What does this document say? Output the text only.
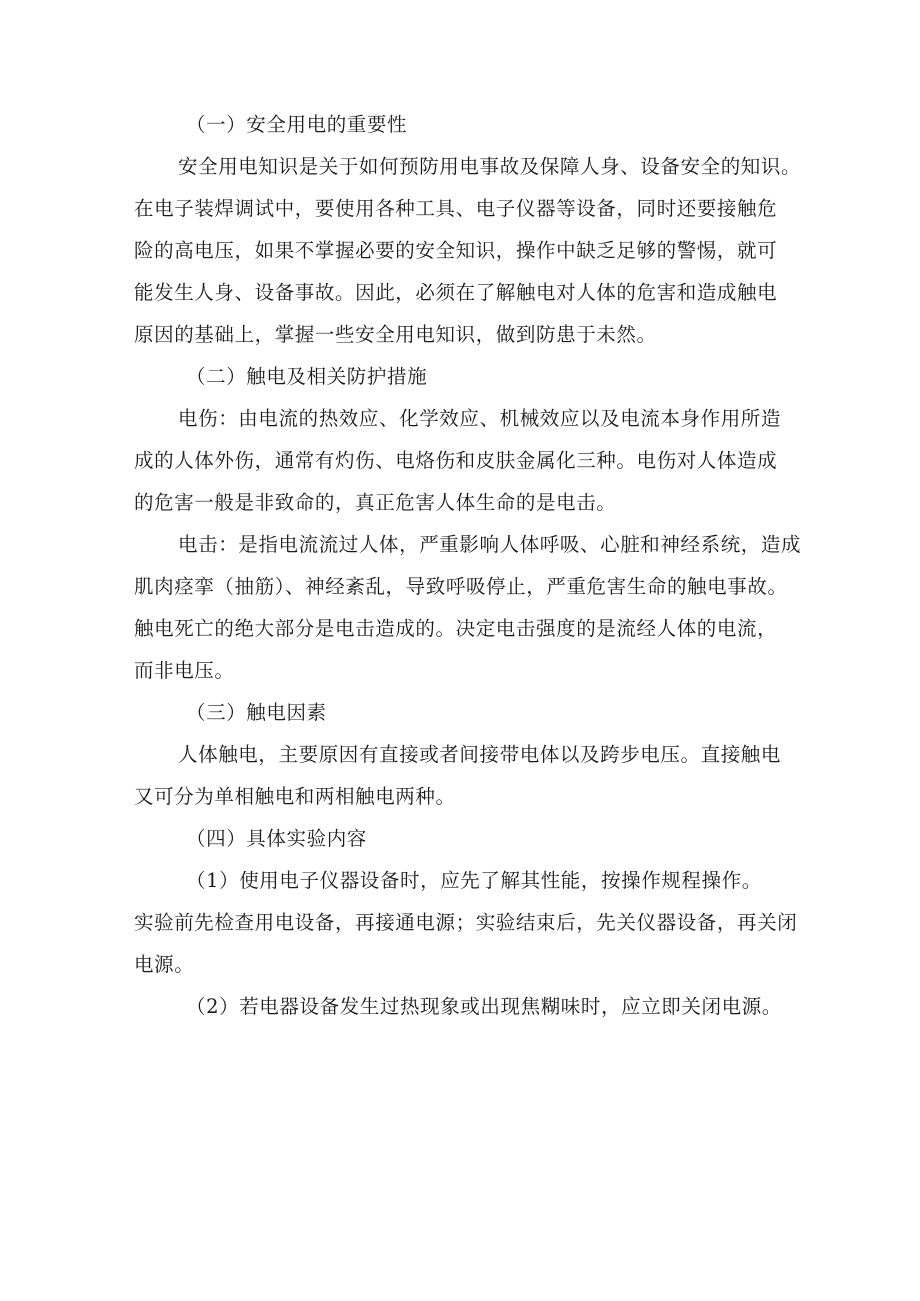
（一）安全用电的重要性
安全用电知识是关于如何预防用电事故及保障人身、设备安全的知识。
在电子装焊调试中，要使用各种工具、电子仪器等设备，同时还要接触危
险的高电压，如果不掌握必要的安全知识，操作中缺乏足够的警惕，就可
能发生人身、设备事故。因此，必须在了解触电对人体的危害和造成触电
原因的基础上，掌握一些安全用电知识，做到防患于未然。
（二）触电及相关防护措施
电伤：由电流的热效应、化学效应、机械效应以及电流本身作用所造
成的人体外伤，通常有灼伤、电烙伤和皮肤金属化三种。电伤对人体造成
的危害一般是非致命的，真正危害人体生命的是电击。
电击：是指电流流过人体，严重影响人体呼吸、心脏和神经系统，造成
肌肉痉挛（抽筋）、神经紊乱，导致呼吸停止，严重危害生命的触电事故。
触电死亡的绝大部分是电击造成的。决定电击强度的是流经人体的电流，
而非电压。
（三）触电因素
人体触电，主要原因有直接或者间接带电体以及跨步电压。直接触电
又可分为单相触电和两相触电两种。
（四）具体实验内容
（1）使用电子仪器设备时，应先了解其性能，按操作规程操作。
实验前先检查用电设备，再接通电源；实验结束后，先关仪器设备，再关闭
电源。
（2）若电器设备发生过热现象或出现焦糊味时，应立即关闭电源。
